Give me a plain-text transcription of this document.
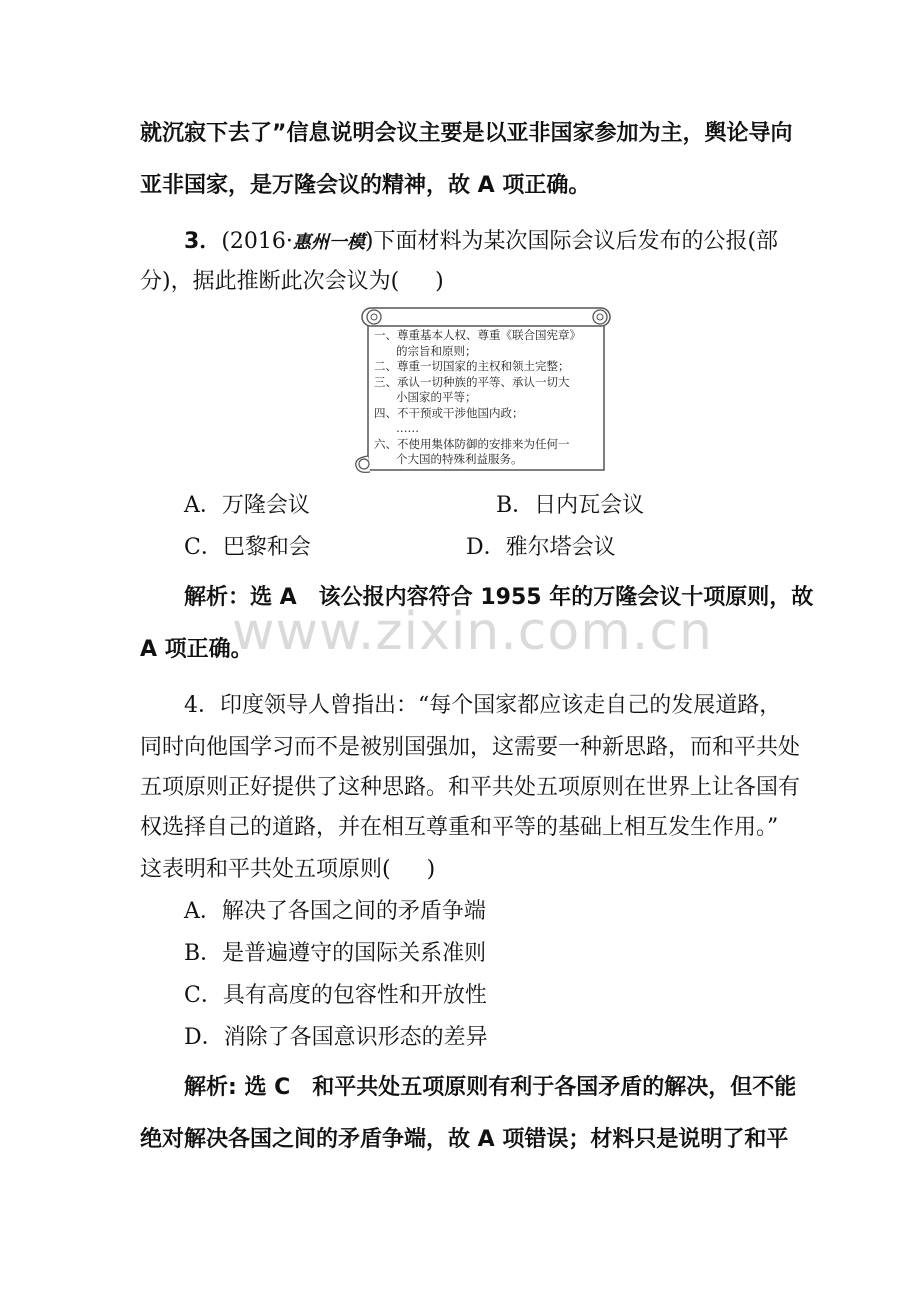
就沉寂下去了”信息说明会议主要是以亚非国家参加为主，舆论导向
亚非国家，是万隆会议的精神，故 A 项正确。
3．(2016·惠州一模)下面材料为某次国际会议后发布的公报(部
分)，据此推断此次会议为( )
一、尊重基本人权、尊重《联合国宪章》
的宗旨和原则；
二、尊重一切国家的主权和领土完整；
三、承认一切种族的平等、承认一切大
小国家的平等；
四、不干预或干涉他国内政；
……
六、不使用集体防御的安排来为任何一
个大国的特殊利益服务。
A．万隆会议	B．日内瓦会议
C．巴黎和会	D．雅尔塔会议
解析：选 A　该公报内容符合 1955 年的万隆会议十项原则，故
A 项正确。
www.zixin.com.cn
4．印度领导人曾指出：“每个国家都应该走自己的发展道路，
同时向他国学习而不是被别国强加，这需要一种新思路，而和平共处
五项原则正好提供了这种思路。和平共处五项原则在世界上让各国有
权选择自己的道路，并在相互尊重和平等的基础上相互发生作用。”
这表明和平共处五项原则( )
A．解决了各国之间的矛盾争端
B．是普遍遵守的国际关系准则
C．具有高度的包容性和开放性
D．消除了各国意识形态的差异
解析: 选 C　和平共处五项原则有利于各国矛盾的解决，但不能
绝对解决各国之间的矛盾争端，故 A 项错误；材料只是说明了和平
